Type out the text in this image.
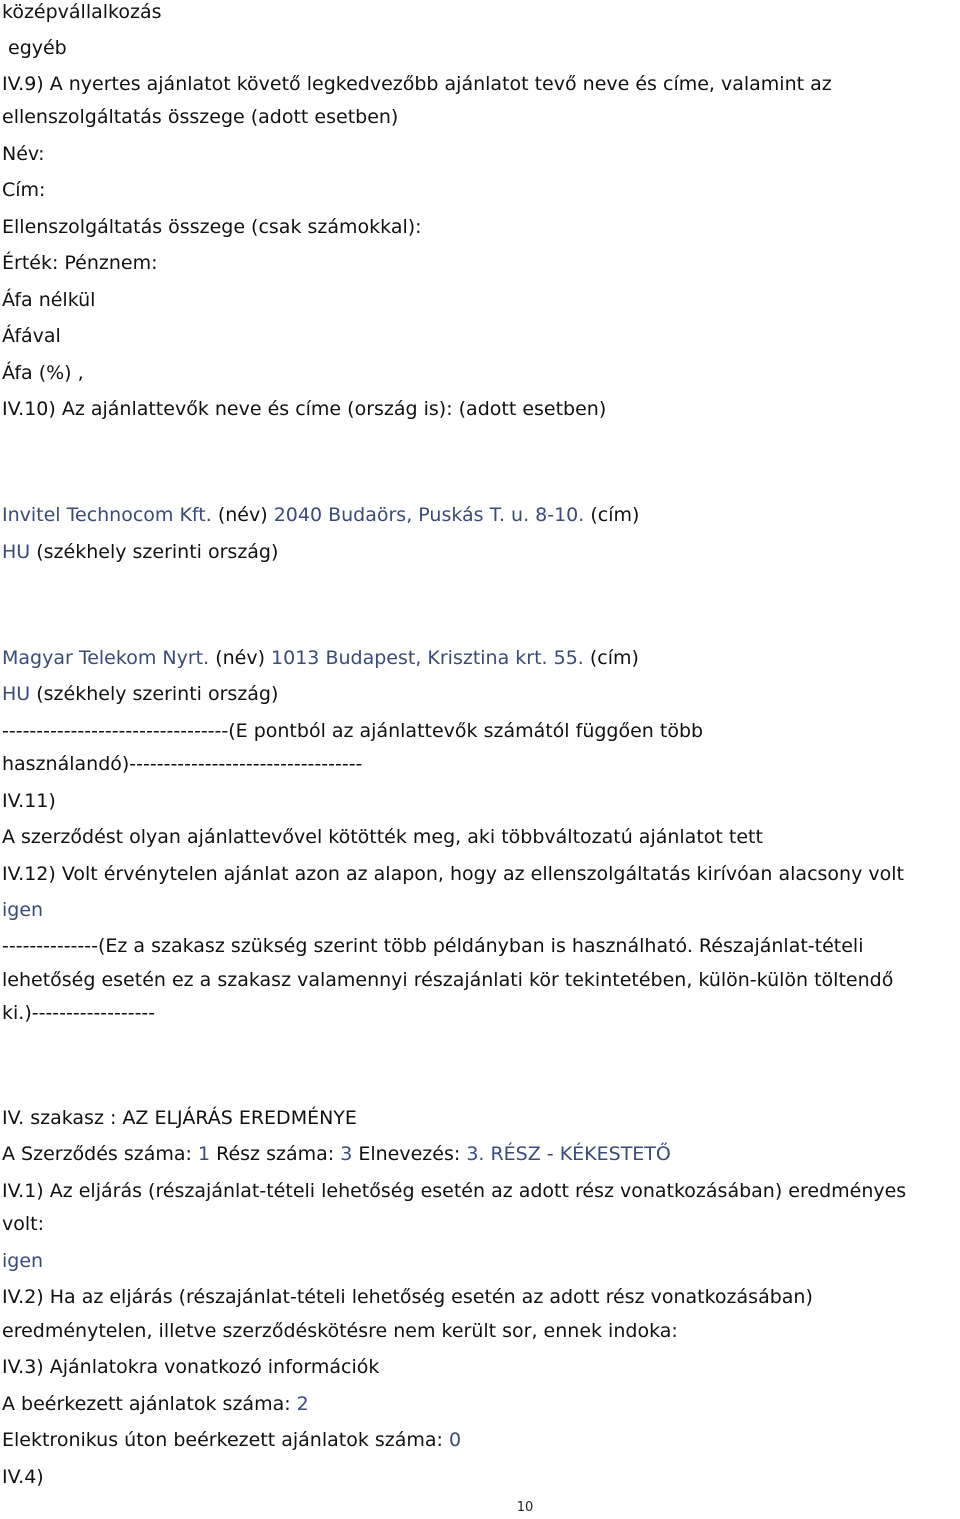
középvállalkozás

egyéb

IV.9) A nyertes ajánlatot követő legkedvezőbb ajánlatot tevő neve és címe, valamint az

ellenszolgáltatás összege (adott esetben)

Név:

Cím:

Ellenszolgáltatás összege (csak számokkal):

Érték: Pénznem:

Áfa nélkül

Áfával

Áfa (%) ,

IV.10) Az ajánlattevők neve és címe (ország is): (adott esetben)

Invitel Technocom Kft. (név) 2040 Budaörs, Puskás T. u. 8-10. (cím)

HU (székhely szerinti ország)

Magyar Telekom Nyrt. (név) 1013 Budapest, Krisztina krt. 55. (cím)

HU (székhely szerinti ország)

---------------------------------(E pontból az ajánlattevők számától függően több

használandó)----------------------------------

IV.11)

A szerződést olyan ajánlattevővel kötötték meg, aki többváltozatú ajánlatot tett

IV.12) Volt érvénytelen ajánlat azon az alapon, hogy az ellenszolgáltatás kirívóan alacsony volt

igen

--------------(Ez a szakasz szükség szerint több példányban is használható. Részajánlat-tételi

lehetőség esetén ez a szakasz valamennyi részajánlati kör tekintetében, külön-külön töltendő

ki.)------------------

IV. szakasz : AZ ELJÁRÁS EREDMÉNYE

A Szerződés száma: 1 Rész száma: 3 Elnevezés: 3. RÉSZ - KÉKESTETŐ

IV.1) Az eljárás (részajánlat-tételi lehetőség esetén az adott rész vonatkozásában) eredményes

volt:

igen

IV.2) Ha az eljárás (részajánlat-tételi lehetőség esetén az adott rész vonatkozásában)

eredménytelen, illetve szerződéskötésre nem került sor, ennek indoka:

IV.3) Ajánlatokra vonatkozó információk

A beérkezett ajánlatok száma: 2

Elektronikus úton beérkezett ajánlatok száma: 0

IV.4)

10
